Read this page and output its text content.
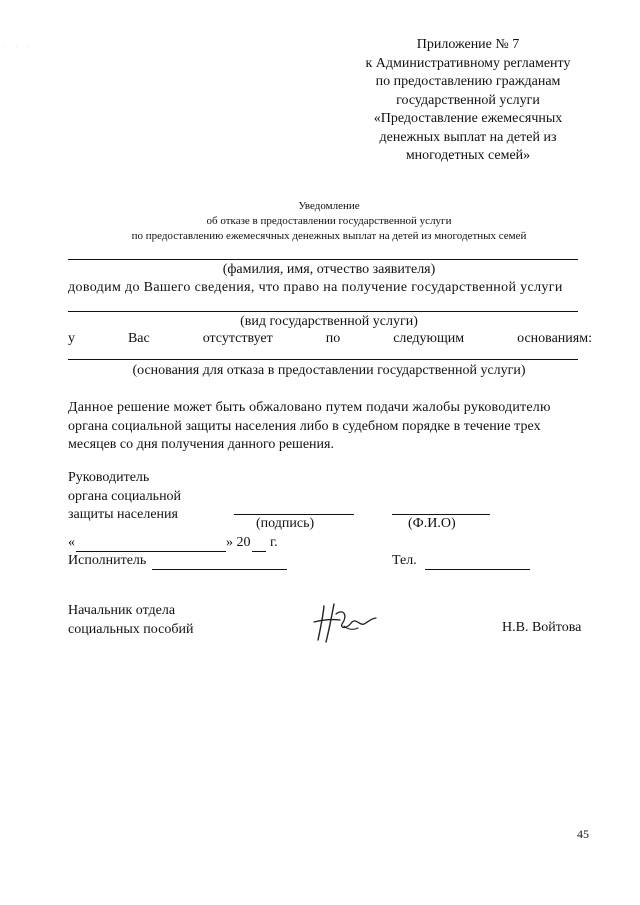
· · ·	Приложение № 7
к Административному регламенту
по предоставлению гражданам
государственной услуги
«Предоставление ежемесячных
денежных выплат на детей из
многодетных семей»
Уведомление
об отказе в предоставлении государственной услуги
по предоставлению ежемесячных денежных выплат на детей из многодетных семей
(фамилия, имя, отчество заявителя)
доводим до Вашего сведения, что право на получение государственной услуги
(вид государственной услуги)
у	Вас	отсутствует	по	следующим	основаниям:
(основания для отказа в предоставлении государственной услуги)
Данное решение может быть обжаловано путем подачи жалобы руководителю
органа социальной защиты населения либо в судебном порядке в течение трех
месяцев со дня получения данного решения.
Руководитель
органа социальной
защиты населения
(подпись)	(Ф.И.О)
«	» 20 г.
Исполнитель	Тел.
Начальник отдела
социальных пособий	Н.В. Войтова
45
